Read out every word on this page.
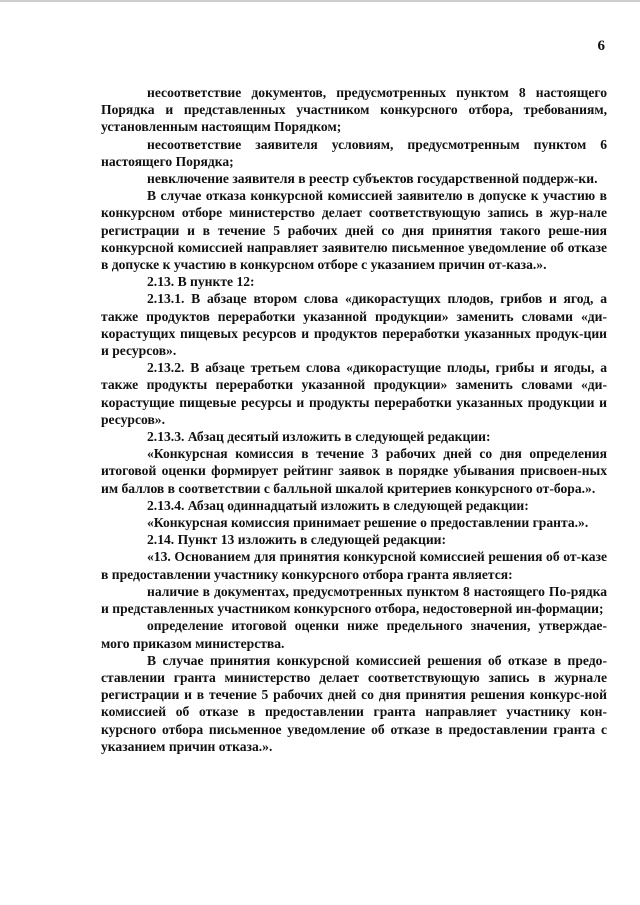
6

несоответствие документов, предусмотренных пунктом 8 настоящего Порядка и представленных участником конкурсного отбора, требованиям, установленным настоящим Порядком;

несоответствие заявителя условиям, предусмотренным пунктом 6 настоящего Порядка;

невключение заявителя в реестр субъектов государственной поддерж-ки.

В случае отказа конкурсной комиссией заявителю в допуске к участию в конкурсном отборе министерство делает соответствующую запись в жур-нале регистрации и в течение 5 рабочих дней со дня принятия такого реше-ния конкурсной комиссией направляет заявителю письменное уведомление об отказе в допуске к участию в конкурсном отборе с указанием причин от-каза.».

2.13. В пункте 12:

2.13.1. В абзаце втором слова «дикорастущих плодов, грибов и ягод, а также продуктов переработки указанной продукции» заменить словами «ди-корастущих пищевых ресурсов и продуктов переработки указанных продук-ции и ресурсов».

2.13.2. В абзаце третьем слова «дикорастущие плоды, грибы и ягоды, а также продукты переработки указанной продукции» заменить словами «ди-корастущие пищевые ресурсы и продукты переработки указанных продукции и ресурсов».

2.13.3. Абзац десятый изложить в следующей редакции:

«Конкурсная комиссия в течение 3 рабочих дней со дня определения итоговой оценки формирует рейтинг заявок в порядке убывания присвоен-ных им баллов в соответствии с балльной шкалой критериев конкурсного от-бора.».

2.13.4. Абзац одиннадцатый изложить в следующей редакции:

«Конкурсная комиссия принимает решение о предоставлении гранта.».

2.14. Пункт 13 изложить в следующей редакции:

«13. Основанием для принятия конкурсной комиссией решения об от-казе в предоставлении участнику конкурсного отбора гранта является:

наличие в документах, предусмотренных пунктом 8 настоящего По-рядка и представленных участником конкурсного отбора, недостоверной ин-формации;

определение итоговой оценки ниже предельного значения, утверждае-мого приказом министерства.

В случае принятия конкурсной комиссией решения об отказе в предо-ставлении гранта министерство делает соответствующую запись в журнале регистрации и в течение 5 рабочих дней со дня принятия решения конкурс-ной комиссией об отказе в предоставлении гранта направляет участнику кон-курсного отбора письменное уведомление об отказе в предоставлении гранта с указанием причин отказа.».
